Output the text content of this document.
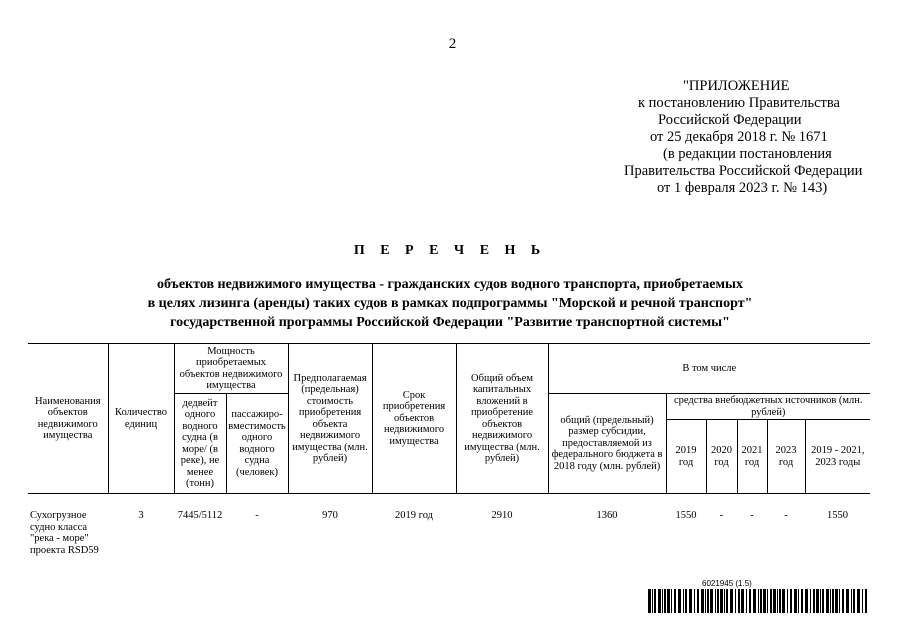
2
"ПРИЛОЖЕНИЕ
к постановлению Правительства
Российской Федерации
от 25 декабря 2018 г. № 1671
(в редакции постановления
Правительства Российской Федерации
от 1 февраля 2023 г. № 143)
П Е Р Е Ч Е Н Ь
объектов недвижимого имущества - гражданских судов водного транспорта, приобретаемых
в целях лизинга (аренды) таких судов в рамках подпрограммы "Морской и речной транспорт"
государственной программы Российской Федерации "Развитие транспортной системы"
Наименования объектов недвижимого имущества	Количество единиц	Мощность приобретаемых объектов недвижимого имущества		Предполагаемая (предельная) стоимость приобретения объекта недвижимого имущества (млн. рублей)	Срок приобретения объектов недвижимого имущества	Общий объем капитальных вложений в приобретение объектов недвижимого имущества (млн. рублей)	В том числе					
		дедвейт одного водного судна (в море/ (в реке), не менее (тонн)	пассажиро-вместимость одного водного судна (человек)				общий (предельный) размер субсидии, предоставляемой из федерального бюджета в 2018 году (млн. рублей)	средства внебюджетных источников (млн. рублей)				
								2019 год	2020 год	2021 год	2023 год	2019 - 2021, 2023 годы
Сухогрузное судно класса "река - море" проекта RSD59	3	7445/5112	-	970	2019 год	2910	1360	1550	-	-	-	1550
6021945 (1.5)
